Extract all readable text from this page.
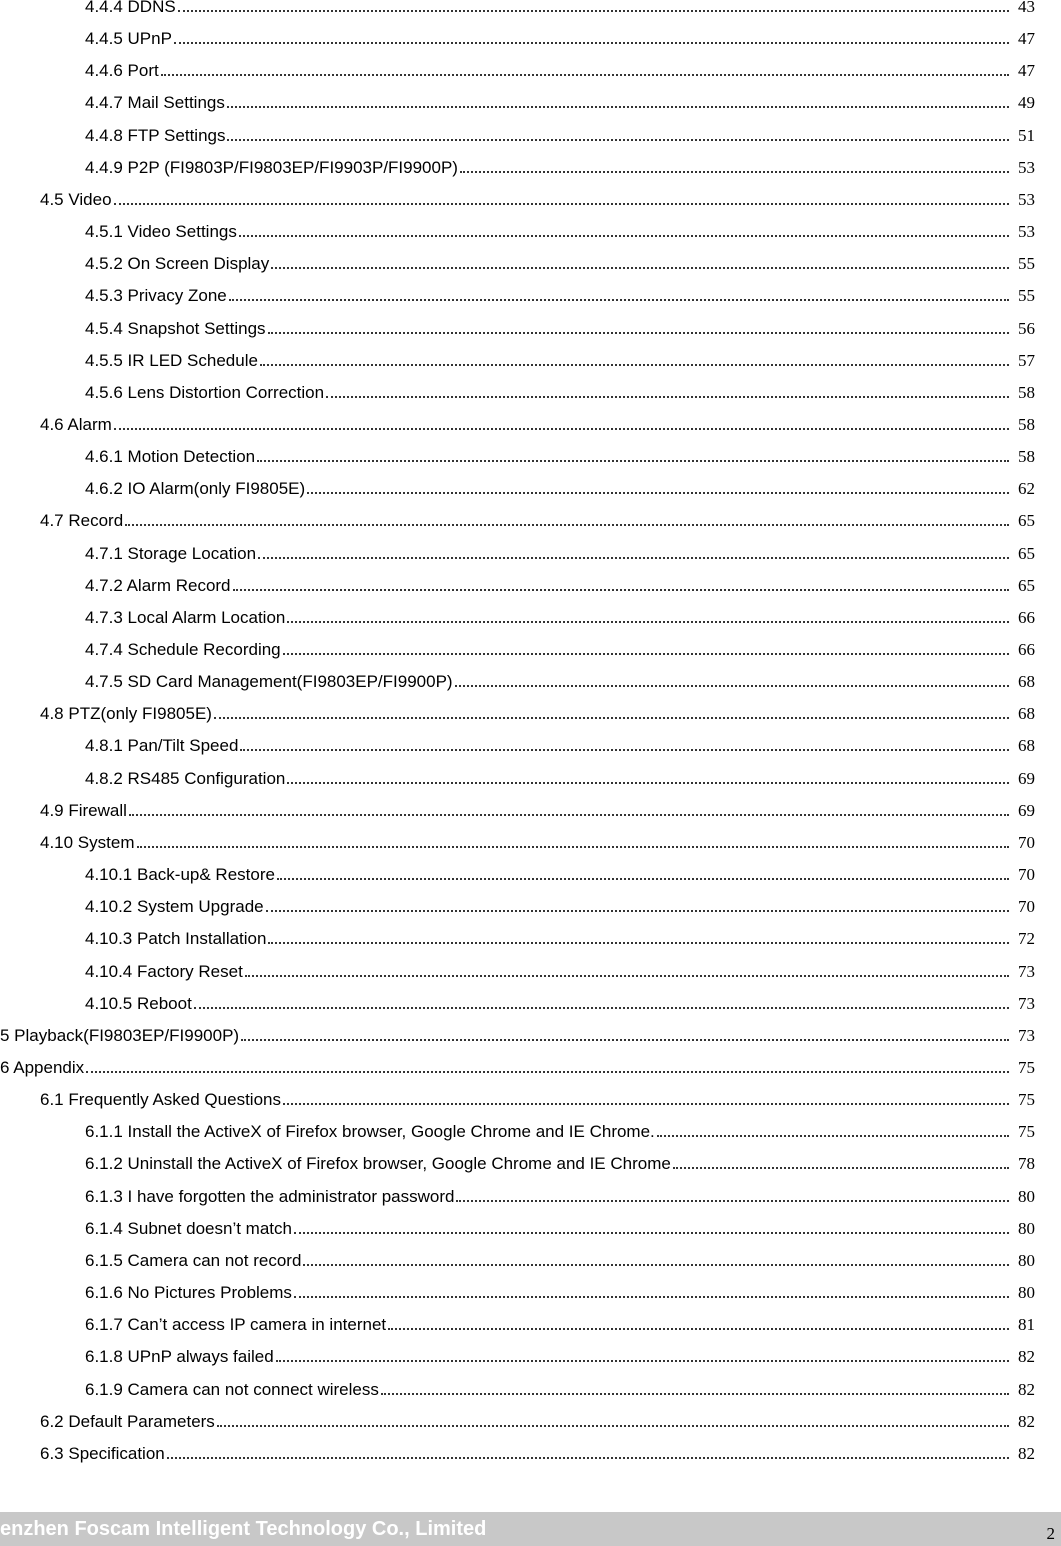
4.4.4 DDNS	43
4.4.5 UPnP	47
4.4.6 Port	47
4.4.7 Mail Settings	49
4.4.8 FTP Settings	51
4.4.9 P2P (FI9803P/FI9803EP/FI9903P/FI9900P)	53
4.5 Video	53
4.5.1 Video Settings	53
4.5.2 On Screen Display	55
4.5.3 Privacy Zone	55
4.5.4 Snapshot Settings	56
4.5.5 IR LED Schedule	57
4.5.6 Lens Distortion Correction	58
4.6 Alarm	58
4.6.1 Motion Detection	58
4.6.2 IO Alarm(only FI9805E)	62
4.7 Record	65
4.7.1 Storage Location	65
4.7.2 Alarm Record	65
4.7.3 Local Alarm Location	66
4.7.4 Schedule Recording	66
4.7.5 SD Card Management(FI9803EP/FI9900P)	68
4.8 PTZ(only FI9805E)	68
4.8.1 Pan/Tilt Speed	68
4.8.2 RS485 Configuration	69
4.9 Firewall	69
4.10 System	70
4.10.1 Back-up& Restore	70
4.10.2 System Upgrade	70
4.10.3 Patch Installation	72
4.10.4 Factory Reset	73
4.10.5 Reboot	73
5 Playback(FI9803EP/FI9900P)	73
6 Appendix	75
6.1 Frequently Asked Questions	75
6.1.1 Install the ActiveX of Firefox browser, Google Chrome and IE Chrome.	75
6.1.2 Uninstall the ActiveX of Firefox browser, Google Chrome and IE Chrome	78
6.1.3 I have forgotten the administrator password	80
6.1.4 Subnet doesn’t match	80
6.1.5 Camera can not record	80
6.1.6 No Pictures Problems	80
6.1.7 Can’t access IP camera in internet	81
6.1.8 UPnP always failed	82
6.1.9 Camera can not connect wireless	82
6.2 Default Parameters	82
6.3 Specification	82
enzhen Foscam Intelligent Technology Co., Limited	2
